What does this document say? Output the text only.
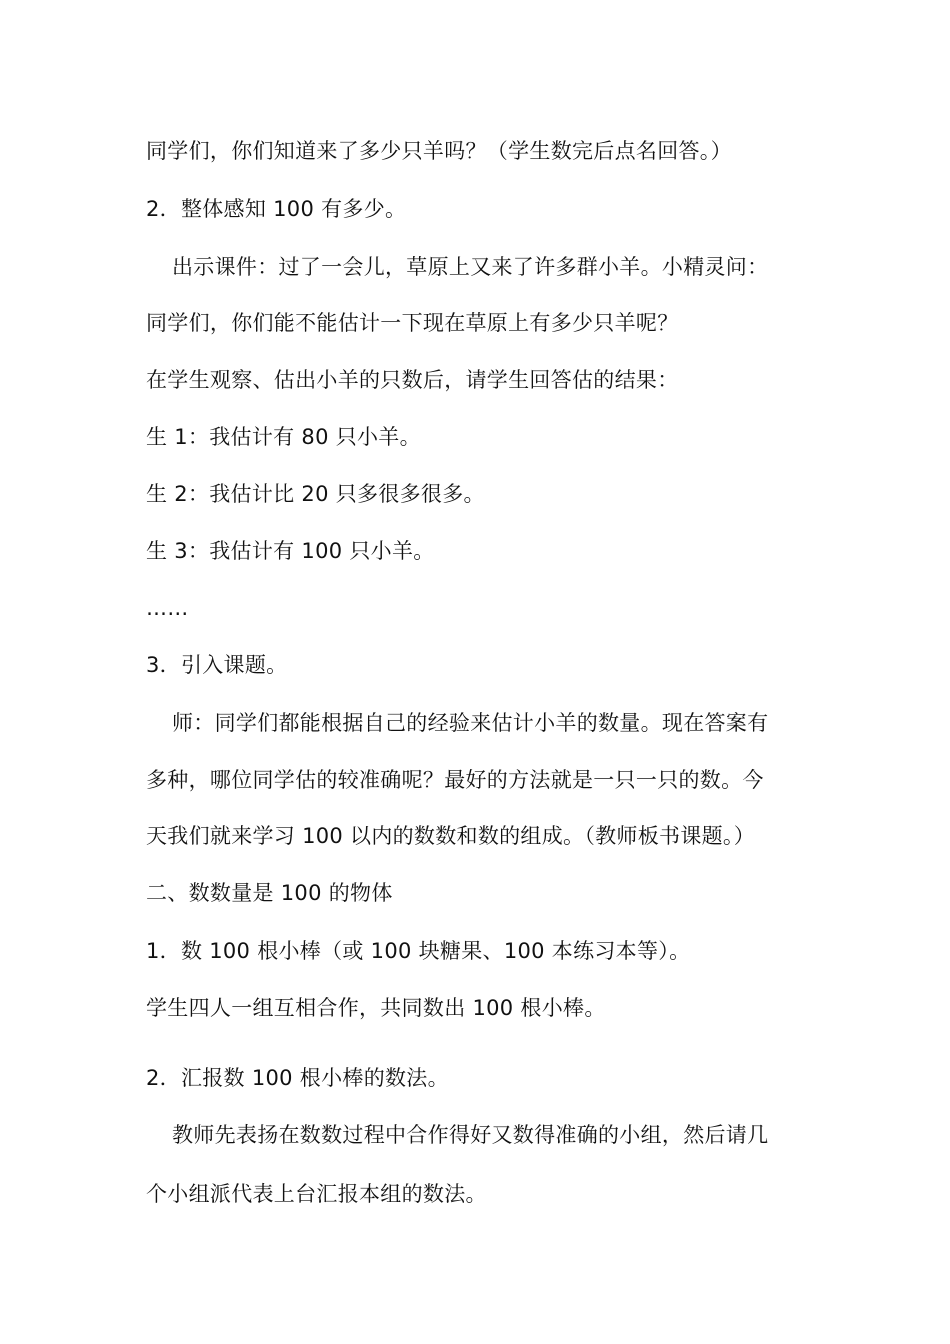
同学们，你们知道来了多少只羊吗？（学生数完后点名回答。）
2．整体感知 100 有多少。
出示课件：过了一会儿，草原上又来了许多群小羊。小精灵问：
同学们，你们能不能估计一下现在草原上有多少只羊呢？
在学生观察、估出小羊的只数后，请学生回答估的结果：
生 1：我估计有 80 只小羊。
生 2：我估计比 20 只多很多很多。
生 3：我估计有 100 只小羊。
……
3．引入课题。
师：同学们都能根据自己的经验来估计小羊的数量。现在答案有
多种，哪位同学估的较准确呢？最好的方法就是一只一只的数。今
天我们就来学习 100 以内的数数和数的组成。（教师板书课题。）
二、数数量是 100 的物体
1．数 100 根小棒（或 100 块糖果、100 本练习本等）。
学生四人一组互相合作，共同数出 100 根小棒。
2．汇报数 100 根小棒的数法。
教师先表扬在数数过程中合作得好又数得准确的小组，然后请几
个小组派代表上台汇报本组的数法。
